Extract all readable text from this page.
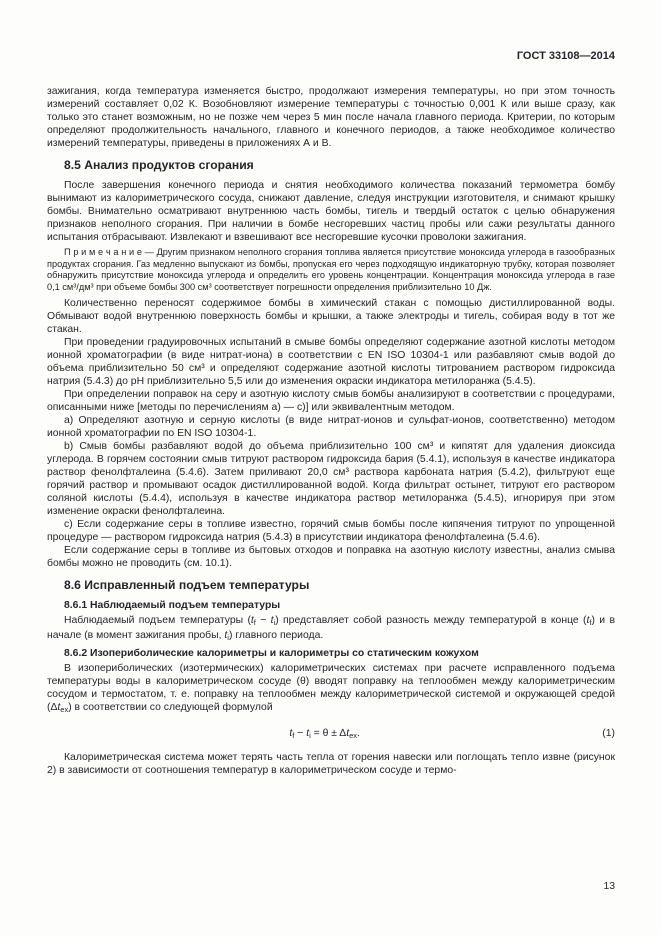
ГОСТ 33108—2014

зажигания, когда температура изменяется быстро, продолжают измерения температуры, но при этом точность измерений составляет 0,02 К. Возобновляют измерение температуры с точностью 0,001 К или выше сразу, как только это станет возможным, но не позже чем через 5 мин после начала главного периода. Критерии, по которым определяют продолжительность начального, главного и конечного периодов, а также необходимое количество измерений температуры, приведены в приложениях А и В.

8.5 Анализ продуктов сгорания

После завершения конечного периода и снятия необходимого количества показаний термометра бомбу вынимают из калориметрического сосуда, снижают давление, следуя инструкции изготовителя, и снимают крышку бомбы. Внимательно осматривают внутреннюю часть бомбы, тигель и твердый остаток с целью обнаружения признаков неполного сгорания. При наличии в бомбе несгоревших частиц пробы или сажи результаты данного испытания отбрасывают. Извлекают и взвешивают все несгоревшие кусочки проволоки зажигания.

П р и м е ч а н и е — Другим признаком неполного сгорания топлива является присутствие моноксида углерода в газообразных продуктах сгорания. Газ медленно выпускают из бомбы, пропуская его через подходящую индикаторную трубку, которая позволяет обнаружить присутствие моноксида углерода и определить его уровень концентрации. Концентрация моноксида углерода в газе 0,1 см³/дм³ при объеме бомбы 300 см³ соответствует погрешности определения приблизительно 10 Дж.

Количественно переносят содержимое бомбы в химический стакан с помощью дистиллированной воды. Обмывают водой внутреннюю поверхность бомбы и крышки, а также электроды и тигель, собирая воду в тот же стакан.

При проведении градуировочных испытаний в смыве бомбы определяют содержание азотной кислоты методом ионной хроматографии (в виде нитрат-иона) в соответствии с EN ISO 10304-1 или разбавляют смыв водой до объема приблизительно 50 см³ и определяют содержание азотной кислоты титрованием раствором гидроксида натрия (5.4.3) до pH приблизительно 5,5 или до изменения окраски индикатора метилоранжа (5.4.5).

При определении поправок на серу и азотную кислоту смыв бомбы анализируют в соответствии с процедурами, описанными ниже [методы по перечислениям а) — с)] или эквивалентным методом.

а) Определяют азотную и серную кислоты (в виде нитрат-ионов и сульфат-ионов, соответственно) методом ионной хроматографии по EN ISO 10304-1.

b) Смыв бомбы разбавляют водой до объема приблизительно 100 см³ и кипятят для удаления диоксида углерода. В горячем состоянии смыв титруют раствором гидроксида бария (5.4.1), используя в качестве индикатора раствор фенолфталеина (5.4.6). Затем приливают 20,0 см³ раствора карбоната натрия (5.4.2), фильтруют еще горячий раствор и промывают осадок дистиллированной водой. Когда фильтрат остынет, титруют его раствором соляной кислоты (5.4.4), используя в качестве индикатора раствор метилоранжа (5.4.5), игнорируя при этом изменение окраски фенолфталеина.

с) Если содержание серы в топливе известно, горячий смыв бомбы после кипячения титруют по упрощенной процедуре — раствором гидроксида натрия (5.4.3) в присутствии индикатора фенолфталеина (5.4.6).

Если содержание серы в топливе из бытовых отходов и поправка на азотную кислоту известны, анализ смыва бомбы можно не проводить (см. 10.1).

8.6 Исправленный подъем температуры
8.6.1 Наблюдаемый подъем температуры

Наблюдаемый подъем температуры $(t_f - t_i)$ представляет собой разность между температурой в конце $(t_f)$ и в начале (в момент зажигания пробы, $t_i$) главного периода.

8.6.2 Изопериболические калориметры и калориметры со статическим кожухом

В изопериболических (изотермических) калориметрических системах при расчете исправленного подъема температуры воды в калориметрическом сосуде (θ) вводят поправку на теплообмен между калориметрическим сосудом и термостатом, т. е. поправку на теплообмен между калориметрической системой и окружающей средой $(\Delta t_{ex})$ в соответствии со следующей формулой

$t_f - t_i = \theta \pm \Delta t_{ex}$.	(1)

Калориметрическая система может терять часть тепла от горения навески или поглощать тепло извне (рисунок 2) в зависимости от соотношения температур в калориметрическом сосуде и термо-

13
